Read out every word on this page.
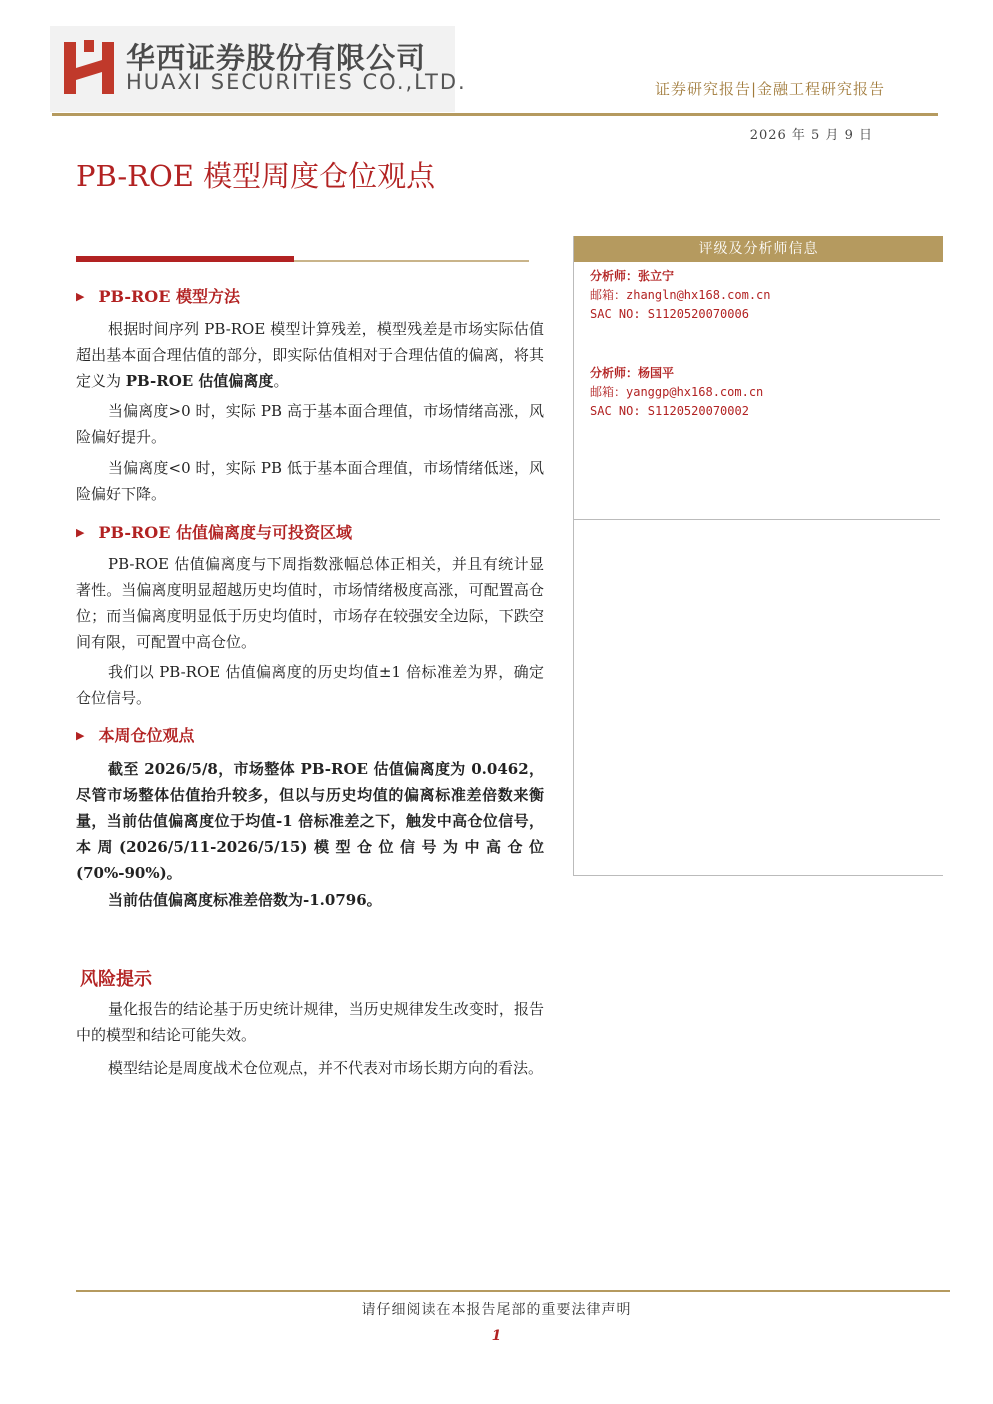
华西证券股份有限公司
HUAXI SECURITIES CO.,LTD.	证券研究报告|金融工程研究报告
2026 年 5 月 9 日
PB-ROE 模型周度仓位观点
▶ PB-ROE 模型方法
根据时间序列 PB-ROE 模型计算残差，模型残差是市场实际估值超出基本面合理估值的部分，即实际估值相对于合理估值的偏离，将其定义为 PB-ROE 估值偏离度。
当偏离度>0 时，实际 PB 高于基本面合理值，市场情绪高涨，风险偏好提升。
当偏离度<0 时，实际 PB 低于基本面合理值，市场情绪低迷，风险偏好下降。
▶ PB-ROE 估值偏离度与可投资区域
PB-ROE 估值偏离度与下周指数涨幅总体正相关，并且有统计显著性。当偏离度明显超越历史均值时，市场情绪极度高涨，可配置高仓位；而当偏离度明显低于历史均值时，市场存在较强安全边际，下跌空间有限，可配置中高仓位。
我们以 PB-ROE 估值偏离度的历史均值±1 倍标准差为界，确定仓位信号。
▶ 本周仓位观点
截至 2026/5/8，市场整体 PB-ROE 估值偏离度为 0.0462，尽管市场整体估值抬升较多，但以与历史均值的偏离标准差倍数来衡量，当前估值偏离度位于均值-1 倍标准差之下，触发中高仓位信号，本周(2026/5/11-2026/5/15)模型仓位信号为中高仓位 (70%-90%)。
当前估值偏离度标准差倍数为-1.0796。
风险提示
量化报告的结论基于历史统计规律，当历史规律发生改变时，报告中的模型和结论可能失效。
模型结论是周度战术仓位观点，并不代表对市场长期方向的看法。
评级及分析师信息
分析师：张立宁
邮箱：zhangln@hx168.com.cn
SAC NO: S1120520070006
分析师：杨国平
邮箱：yanggp@hx168.com.cn
SAC NO: S1120520070002
请仔细阅读在本报告尾部的重要法律声明
1
